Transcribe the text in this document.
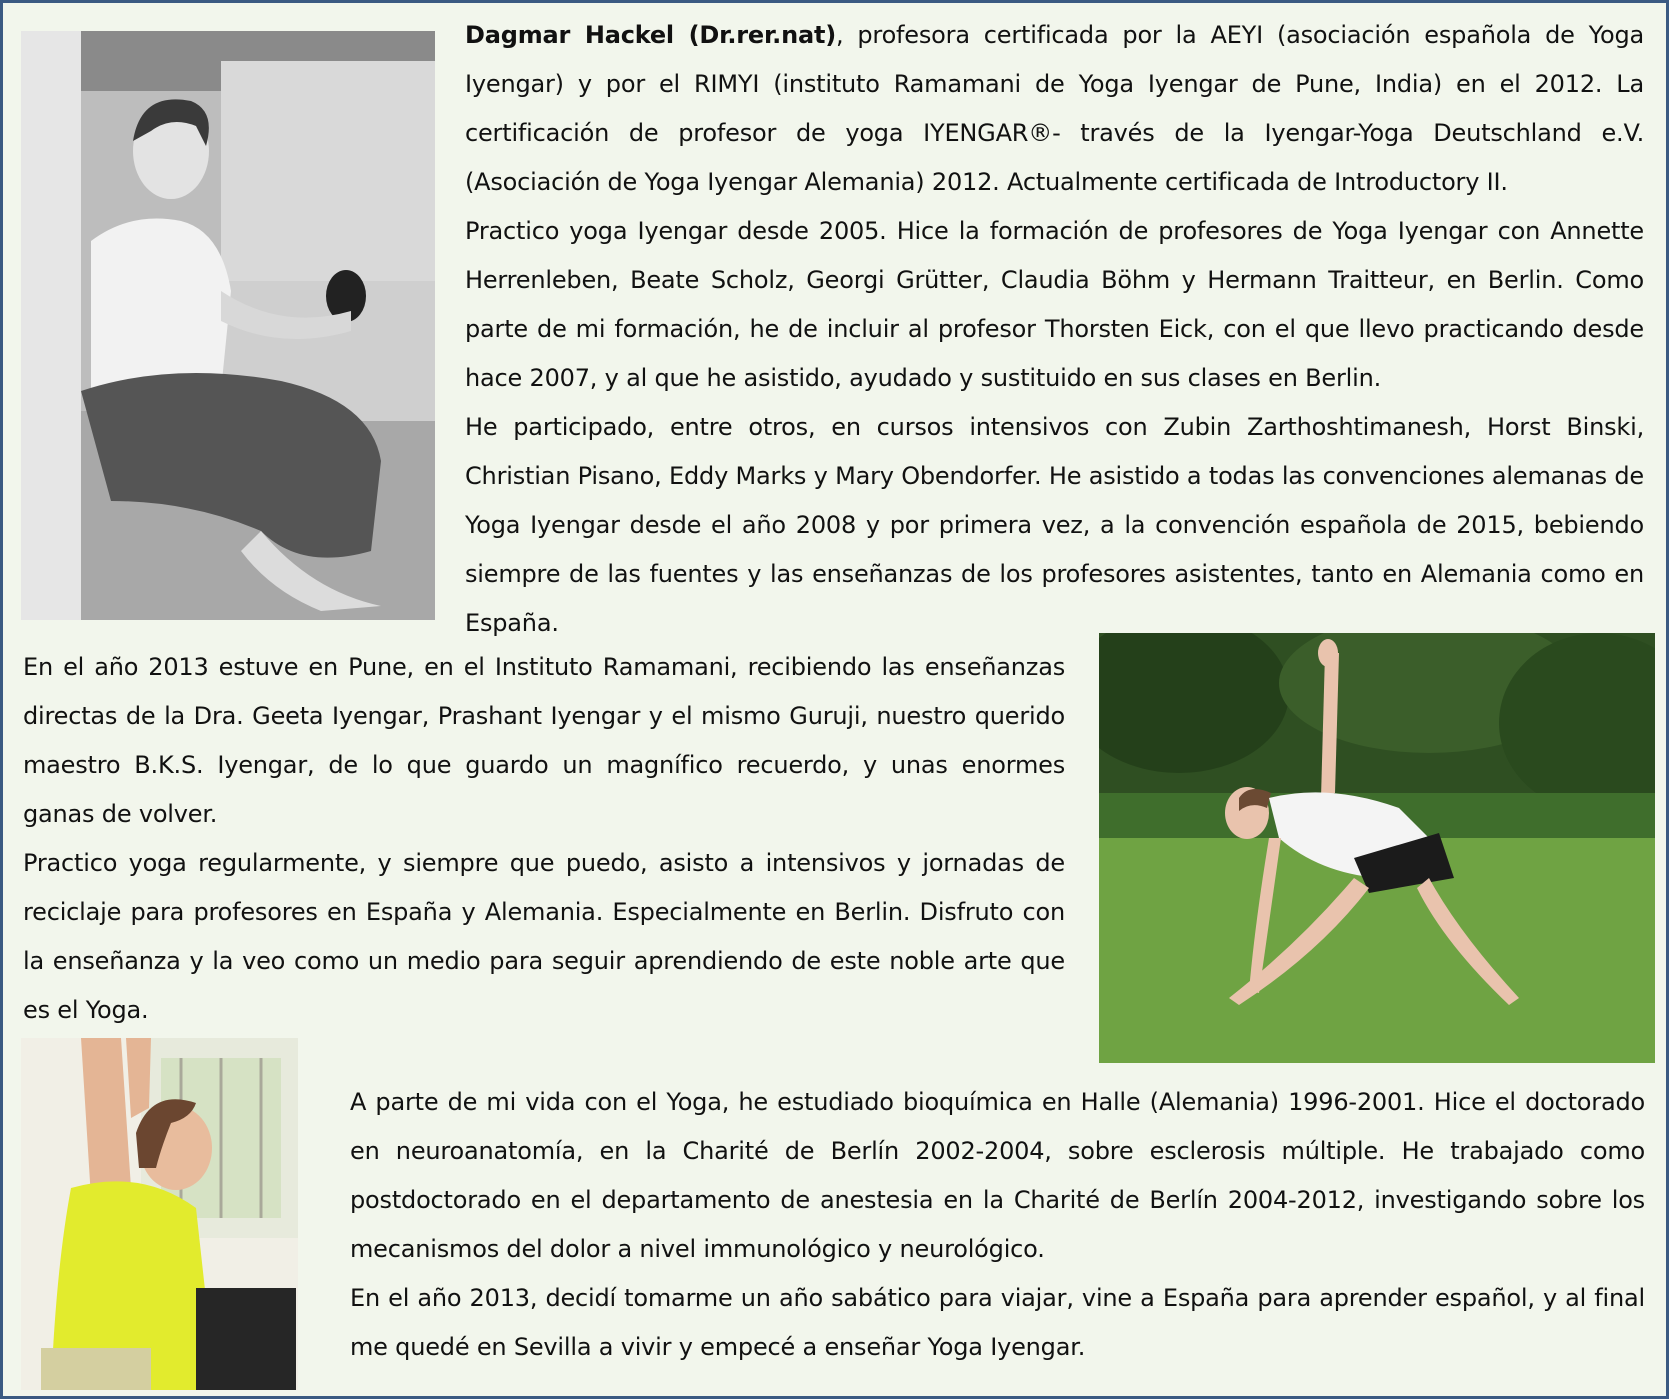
Dagmar Hackel (Dr.rer.nat), profesora certificada por la AEYI (asociación española de Yoga Iyengar) y por el RIMYI (instituto Ramamani de Yoga Iyengar de Pune, India) en el 2012. La certificación de profesor de yoga IYENGAR®- través de la Iyengar-Yoga Deutschland e.V. (Asociación de Yoga Iyengar Alemania) 2012. Actualmente certificada de Introductory II.

Practico yoga Iyengar desde 2005. Hice la formación de profesores de Yoga Iyengar con Annette Herrenleben, Beate Scholz, Georgi Grütter, Claudia Böhm y Hermann Traitteur, en Berlin. Como parte de mi formación, he de incluir al profesor Thorsten Eick, con el que llevo practicando desde hace 2007, y al que he asistido, ayudado y sustituido en sus clases en Berlin.

He participado, entre otros, en cursos intensivos con Zubin Zarthoshtimanesh, Horst Binski, Christian Pisano, Eddy Marks y Mary Obendorfer. He asistido a todas las convenciones alemanas de Yoga Iyengar desde el año 2008 y por primera vez, a la convención española de 2015, bebiendo siempre de las fuentes y las enseñanzas de los profesores asistentes, tanto en Alemania como en España.

En el año 2013 estuve en Pune, en el Instituto Ramamani, recibiendo las enseñanzas directas de la Dra. Geeta Iyengar, Prashant Iyengar y el mismo Guruji, nuestro querido maestro B.K.S. Iyengar, de lo que guardo un magnífico recuerdo, y unas enormes ganas de volver.

Practico yoga regularmente, y siempre que puedo, asisto a intensivos y jornadas de reciclaje para profesores en España y Alemania. Especialmente en Berlin. Disfruto con la enseñanza y la veo como un medio para seguir aprendiendo de este noble arte que es el Yoga.

A parte de mi vida con el Yoga, he estudiado bioquímica en Halle (Alemania) 1996-2001. Hice el doctorado en neuroanatomía, en la Charité de Berlín 2002-2004, sobre esclerosis múltiple. He trabajado como postdoctorado en el departamento de anestesia en la Charité de Berlín 2004-2012, investigando sobre los mecanismos del dolor a nivel immunológico y neurológico.

En el año 2013, decidí tomarme un año sabático para viajar, vine a España para aprender español, y al final me quedé en Sevilla a vivir y empecé a enseñar Yoga Iyengar.
